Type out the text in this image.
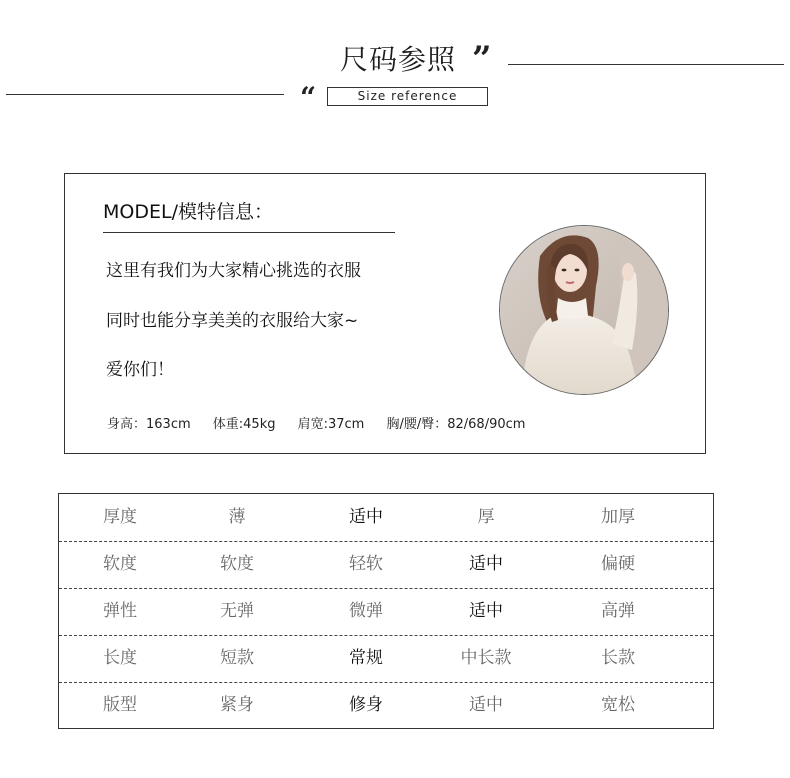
尺码参照 ”
“	Size reference
MODEL/模特信息：
这里有我们为大家精心挑选的衣服
同时也能分享美美的衣服给大家~
爱你们！
身高：163cm 体重:45kg 肩宽:37cm 胸/腰/臀：82/68/90cm
厚度	薄	适中	厚	加厚
软度	软度	轻软	适中	偏硬
弹性	无弹	微弹	适中	高弹
长度	短款	常规	中长款	长款
版型	紧身	修身	适中	宽松
